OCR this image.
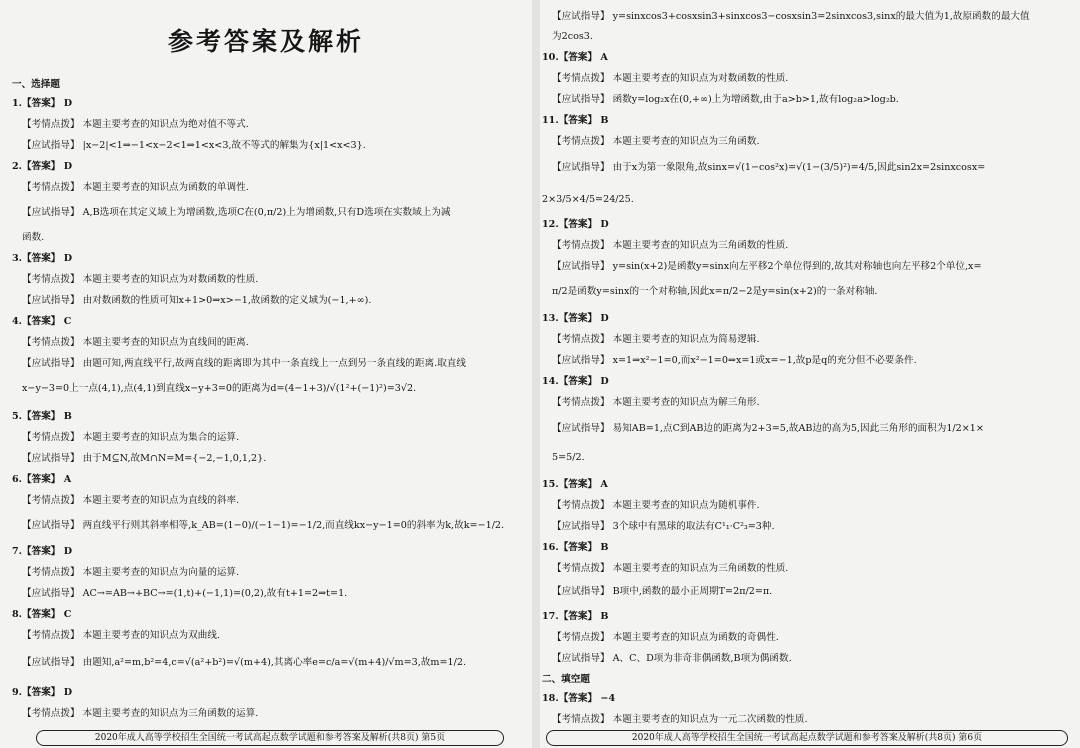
参考答案及解析
一、选择题
1.【答案】 D
【考情点拨】 本题主要考查的知识点为绝对值不等式.
【应试指导】 |x−2|<1⇒−1<x−2<1⇒1<x<3,故不等式的解集为{x|1<x<3}.
2.【答案】 D
【考情点拨】 本题主要考查的知识点为函数的单调性.
【应试指导】 A,B选项在其定义域上为增函数,选项C在(0,π/2)上为增函数,只有D选项在实数域上为减
函数.
3.【答案】 D
【考情点拨】 本题主要考查的知识点为对数函数的性质.
【应试指导】 由对数函数的性质可知x+1>0⇒x>−1,故函数的定义域为(−1,+∞).
4.【答案】 C
【考情点拨】 本题主要考查的知识点为直线间的距离.
【应试指导】 由题可知,两直线平行,故两直线的距离即为其中一条直线上一点到另一条直线的距离.取直线
x−y−3=0上一点(4,1),点(4,1)到直线x−y+3=0的距离为d=(4−1+3)/√(1²+(−1)²)=3√2.
5.【答案】 B
【考情点拨】 本题主要考查的知识点为集合的运算.
【应试指导】 由于M⊆N,故M∩N=M={−2,−1,0,1,2}.
6.【答案】 A
【考情点拨】 本题主要考查的知识点为直线的斜率.
【应试指导】 两直线平行则其斜率相等,k_AB=(1−0)/(−1−1)=−1/2,而直线kx−y−1=0的斜率为k,故k=−1/2.
7.【答案】 D
【考情点拨】 本题主要考查的知识点为向量的运算.
【应试指导】 AC→=AB→+BC→=(1,t)+(−1,1)=(0,2),故有t+1=2⇒t=1.
8.【答案】 C
【考情点拨】 本题主要考查的知识点为双曲线.
【应试指导】 由题知,a²=m,b²=4,c=√(a²+b²)=√(m+4),其离心率e=c/a=√(m+4)/√m=3,故m=1/2.
9.【答案】 D
【考情点拨】 本题主要考查的知识点为三角函数的运算.
2020年成人高等学校招生全国统一考试高起点数学试题和参考答案及解析(共8页) 第5页
【应试指导】 y=sinxcos3+cosxsin3+sinxcos3−cosxsin3=2sinxcos3,sinx的最大值为1,故原函数的最大值
为2cos3.
10.【答案】 A
【考情点拨】 本题主要考查的知识点为对数函数的性质.
【应试指导】 函数y=log₂x在(0,+∞)上为增函数,由于a>b>1,故有log₂a>log₂b.
11.【答案】 B
【考情点拨】 本题主要考查的知识点为三角函数.
【应试指导】 由于x为第一象限角,故sinx=√(1−cos²x)=√(1−(3/5)²)=4/5,因此sin2x=2sinxcosx=
2×3/5×4/5=24/25.
12.【答案】 D
【考情点拨】 本题主要考查的知识点为三角函数的性质.
【应试指导】 y=sin(x+2)是函数y=sinx向左平移2个单位得到的,故其对称轴也向左平移2个单位,x=
π/2是函数y=sinx的一个对称轴,因此x=π/2−2是y=sin(x+2)的一条对称轴.
13.【答案】 D
【考情点拨】 本题主要考查的知识点为简易逻辑.
【应试指导】 x=1⇒x²−1=0,而x²−1=0⇒x=1或x=−1,故p是q的充分但不必要条件.
14.【答案】 D
【考情点拨】 本题主要考查的知识点为解三角形.
【应试指导】 易知AB=1,点C到AB边的距离为2+3=5,故AB边的高为5,因此三角形的面积为1/2×1×
5=5/2.
15.【答案】 A
【考情点拨】 本题主要考查的知识点为随机事件.
【应试指导】 3个球中有黑球的取法有C¹₁·C²₃=3种.
16.【答案】 B
【考情点拨】 本题主要考查的知识点为三角函数的性质.
【应试指导】 B项中,函数的最小正周期T=2π/2=π.
17.【答案】 B
【考情点拨】 本题主要考查的知识点为函数的奇偶性.
【应试指导】 A、C、D项为非奇非偶函数,B项为偶函数.
二、填空题
18.【答案】 −4
【考情点拨】 本题主要考查的知识点为一元二次函数的性质.
2020年成人高等学校招生全国统一考试高起点数学试题和参考答案及解析(共8页) 第6页
